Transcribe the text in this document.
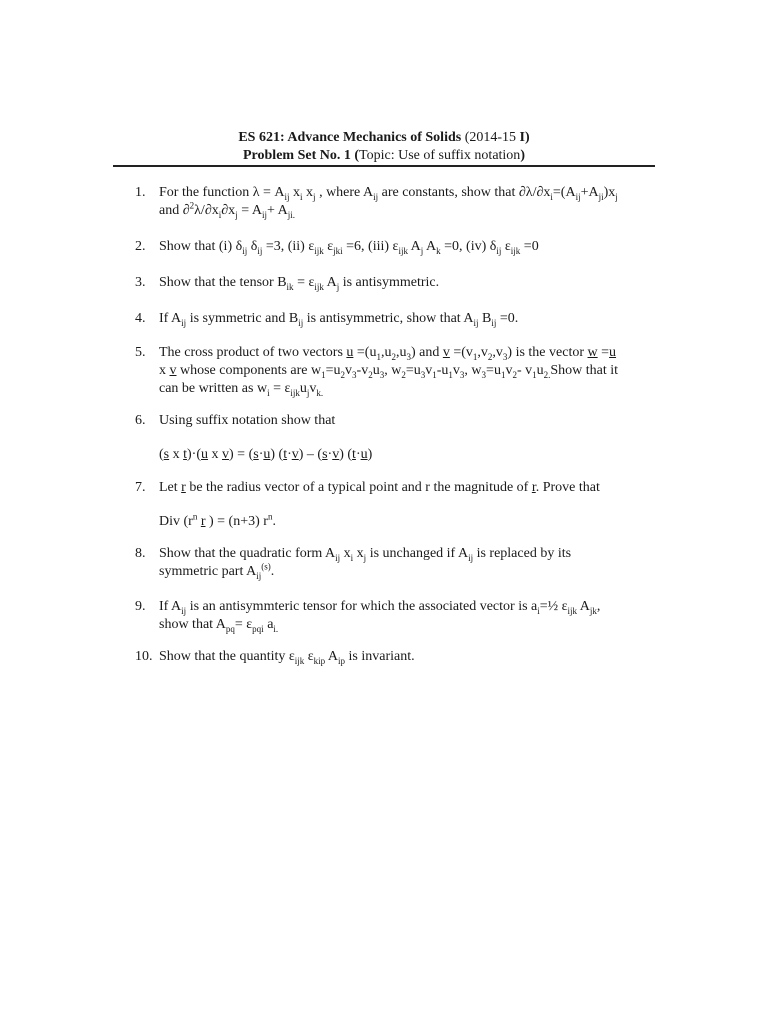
ES 621: Advance Mechanics of Solids (2014-15 I)
Problem Set No. 1 (Topic: Use of suffix notation)
1. For the function $\lambda = A_{ij}$ $x_i$ $x_j$ , where $A_{ij}$ are constants, show that $\partial\lambda/\partial x_i=(A_{ij}+A_{ji})x_j$
and $\partial^2\lambda/\partial x_i\partial x_j = A_{ij}+ A_{ji.}$
2. Show that (i) $\delta_{ij}$ $\delta_{ij} =3$, (ii) $\varepsilon_{ijk}$ $\varepsilon_{jki} =6$, (iii) $\varepsilon_{ijk}$ $A_j$ $A_k =0$, (iv) $\delta_{ij}$ $\varepsilon_{ijk} =0$
3. Show that the tensor $B_{ik} = \varepsilon_{ijk}$ $A_j$ is antisymmetric.
4. If $A_{ij}$ is symmetric and $B_{ij}$ is antisymmetric, show that $A_{ij}$ $B_{ij} =0$.
5. The cross product of two vectors $u =(u_1,u_2,u_3)$ and $v =(v_1,v_2,v_3)$ is the vector w =u
x v whose components are $w_1=u_2v_3-v_2u_3$, $w_2=u_3v_1-u_1v_3$, $w_3=u_1v_2-$ $v_1u_{2.}Show$ that it
can be written as $w_i = \varepsilon_{ijk}u_jv_{k.}$
6. Using suffix notation show that
(s x t)·(u x v) = (s·u) (t·v) – (s·v) (t·u)
7. Let r be the radius vector of a typical point and r the magnitude of r. Prove that
Div ($r^n$ r ) = (n+3) $r^n$.
8. Show that the quadratic form $A_{ij}$ $x_i$ $x_j$ is unchanged if $A_{ij}$ is replaced by its
symmetric part $A_{ij}^{(s)}$.
9. If $A_{ij}$ is an antisymmteric tensor for which the associated vector is $a_i=\frac{1}{2}$ $\varepsilon_{ijk}$ $A_{jk}$,
show that $A_{pq}= \varepsilon_{pqi}$ $a_{i.}$
10. Show that the quantity $\varepsilon_{ijk}$ $\varepsilon_{kip}$ $A_{ip}$ is invariant.
